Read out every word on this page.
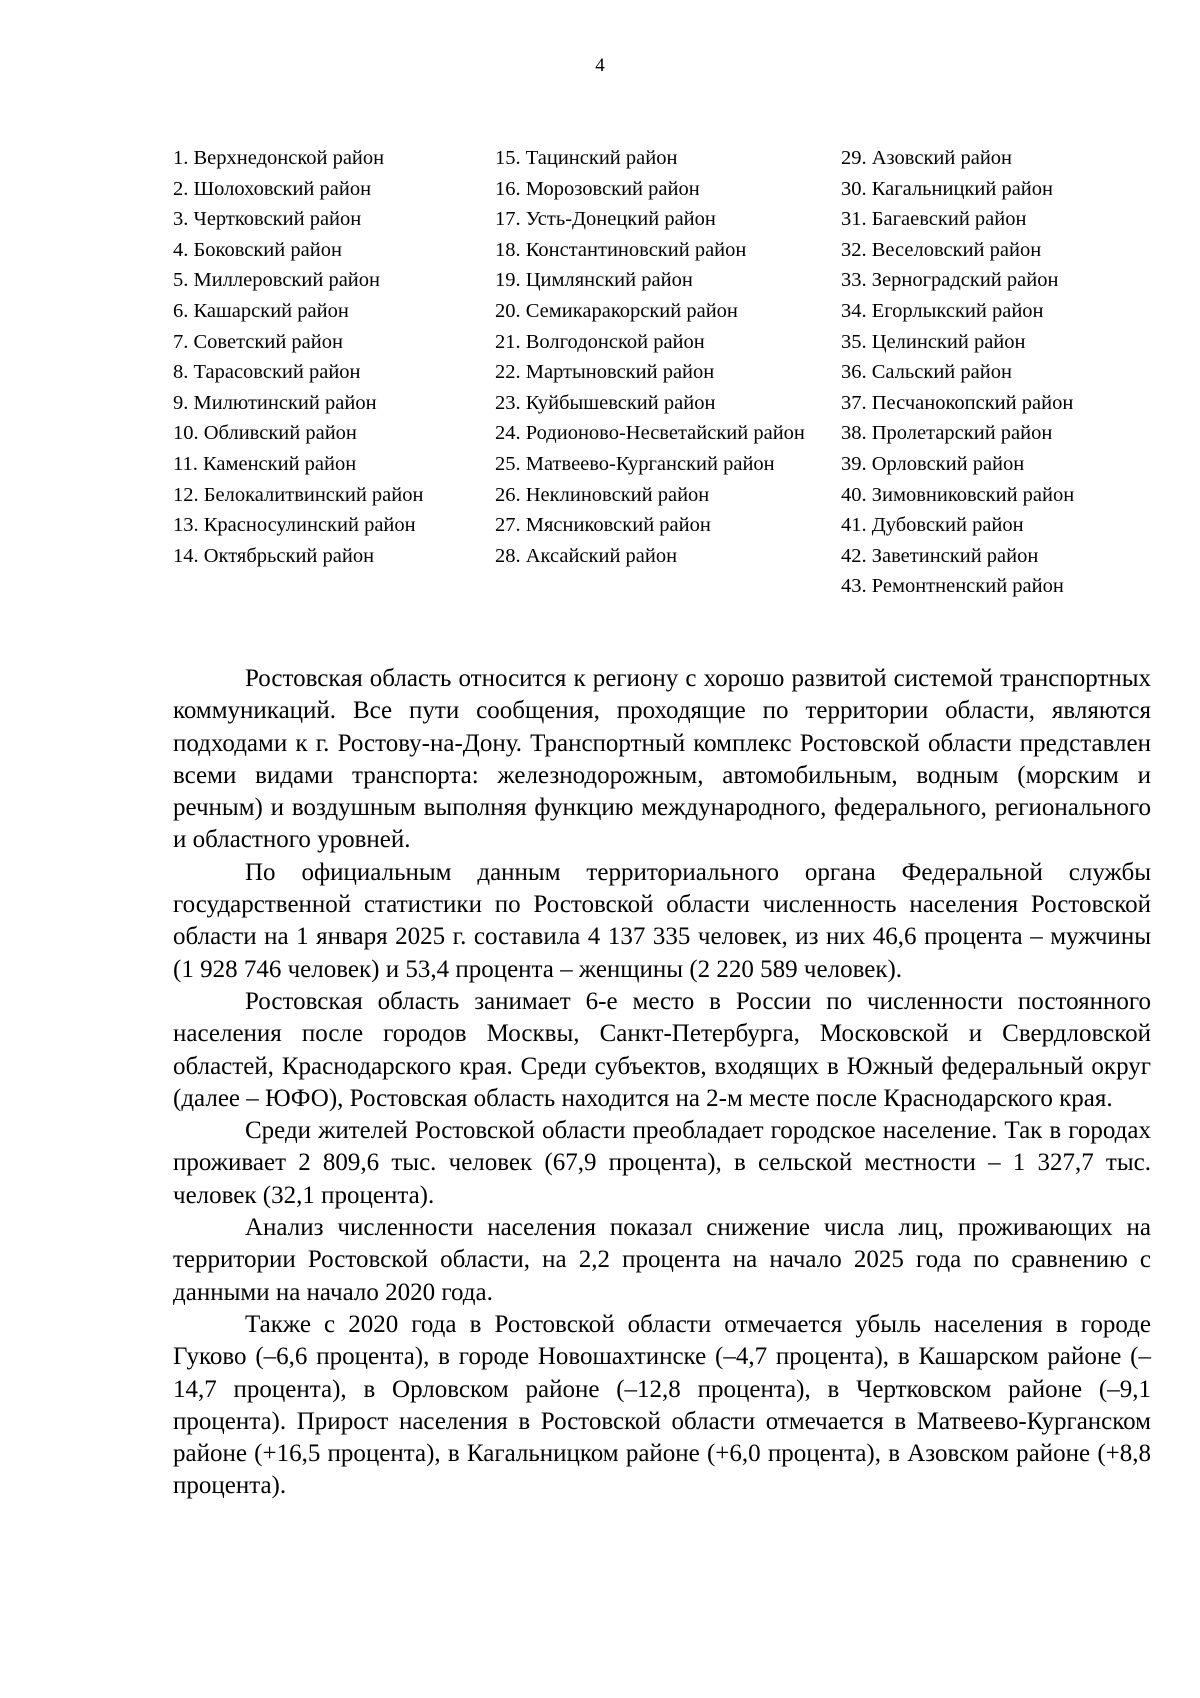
4
1. Верхнедонской район
2. Шолоховский район
3. Чертковский район
4. Боковский район
5. Миллеровский район
6. Кашарский район
7. Советский район
8. Тарасовский район
9. Милютинский район
10. Обливский район
11. Каменский район
12. Белокалитвинский район
13. Красносулинский район
14. Октябрьский район
15. Тацинский район
16. Морозовский район
17. Усть-Донецкий район
18. Константиновский район
19. Цимлянский район
20. Семикаракорский район
21. Волгодонской район
22. Мартыновский район
23. Куйбышевский район
24. Родионово-Несветайский район
25. Матвеево-Курганский район
26. Неклиновский район
27. Мясниковский район
28. Аксайский район
29. Азовский район
30. Кагальницкий район
31. Багаевский район
32. Веселовский район
33. Зерноградский район
34. Егорлыкский район
35. Целинский район
36. Сальский район
37. Песчанокопский район
38. Пролетарский район
39. Орловский район
40. Зимовниковский район
41. Дубовский район
42. Заветинский район
43. Ремонтненский район

Ростовская область относится к региону с хорошо развитой системой транспортных коммуникаций. Все пути сообщения, проходящие по территории области, являются подходами к г. Ростову-на-Дону. Транспортный комплекс Ростовской области представлен всеми видами транспорта: железнодорожным, автомобильным, водным (морским и речным) и воздушным выполняя функцию международного, федерального, регионального и областного уровней.

По официальным данным территориального органа Федеральной службы государственной статистики по Ростовской области численность населения Ростовской области на 1 января 2025 г. составила 4 137 335 человек, из них 46,6 процента – мужчины (1 928 746 человек) и 53,4 процента – женщины (2 220 589 человек).

Ростовская область занимает 6-е место в России по численности постоянного населения после городов Москвы, Санкт-Петербурга, Московской и Свердловской областей, Краснодарского края. Среди субъектов, входящих в Южный федеральный округ (далее – ЮФО), Ростовская область находится на 2-м месте после Краснодарского края.

Среди жителей Ростовской области преобладает городское население. Так в городах проживает 2 809,6 тыс. человек (67,9 процента), в сельской местности – 1 327,7 тыс. человек (32,1 процента).

Анализ численности населения показал снижение числа лиц, проживающих на территории Ростовской области, на 2,2 процента на начало 2025 года по сравнению с данными на начало 2020 года.

Также с 2020 года в Ростовской области отмечается убыль населения в городе Гуково (–6,6 процента), в городе Новошахтинске (–4,7 процента), в Кашарском районе (–14,7 процента), в Орловском районе (–12,8 процента), в Чертковском районе (–9,1 процента). Прирост населения в Ростовской области отмечается в Матвеево-Курганском районе (+16,5 процента), в Кагальницком районе (+6,0 процента), в Азовском районе (+8,8 процента).
